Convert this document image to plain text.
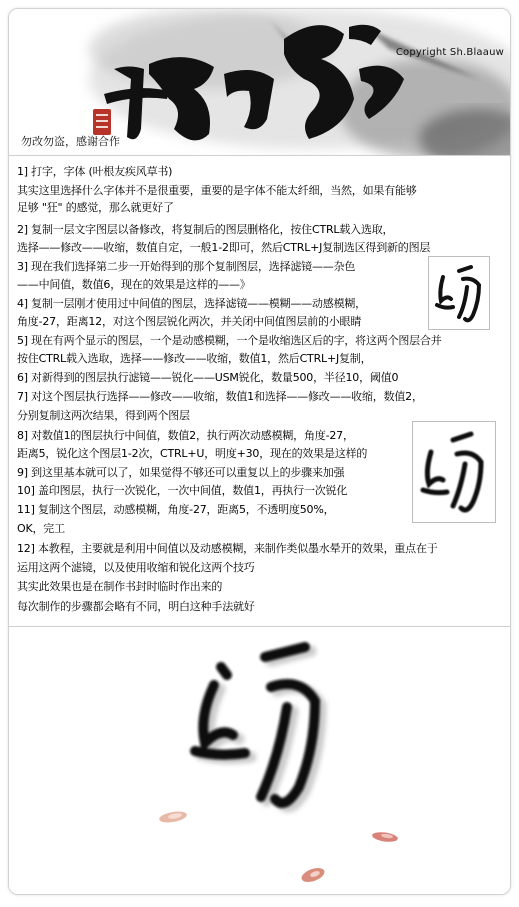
Copyright Sh.Blaauw
勿改勿盗，感谢合作
1] 打字，字体 (叶根友疾风草书)
其实这里选择什么字体并不是很重要，重要的是字体不能太纤细，当然，如果有能够
足够 "狂" 的感觉，那么就更好了
2] 复制一层文字图层以备修改，将复制后的图层删格化，按住CTRL载入选取，
选择——修改——收缩，数值自定，一般1-2即可，然后CTRL+J复制选区得到新的图层
3] 现在我们选择第二步一开始得到的那个复制图层，选择滤镜——杂色
——中间值，数值6，现在的效果是这样的——》
4] 复制一层刚才使用过中间值的图层，选择滤镜——模糊——动感模糊，
角度-27，距离12，对这个图层锐化两次，并关闭中间值图层前的小眼睛
5] 现在有两个显示的图层，一个是动感模糊，一个是收缩选区后的字，将这两个图层合并
按住CTRL载入选取，选择——修改——收缩，数值1，然后CTRL+J复制，
6] 对新得到的图层执行滤镜——锐化——USM锐化，数量500，半径10，阈值0
7] 对这个图层执行选择——修改——收缩，数值1和选择——修改——收缩，数值2，
分别复制这两次结果，得到两个图层
8] 对数值1的图层执行中间值，数值2，执行两次动感模糊，角度-27，
距离5，锐化这个图层1-2次，CTRL+U，明度+30，现在的效果是这样的
9] 到这里基本就可以了，如果觉得不够还可以重复以上的步骤来加强
10] 盖印图层，执行一次锐化，一次中间值，数值1，再执行一次锐化
11] 复制这个图层，动感模糊，角度-27，距离5，不透明度50%，
OK，完工
12] 本教程，主要就是利用中间值以及动感模糊，来制作类似墨水晕开的效果，重点在于
运用这两个滤镜，以及使用收缩和锐化这两个技巧
其实此效果也是在制作书封时临时作出来的
每次制作的步骤都会略有不同，明白这种手法就好
